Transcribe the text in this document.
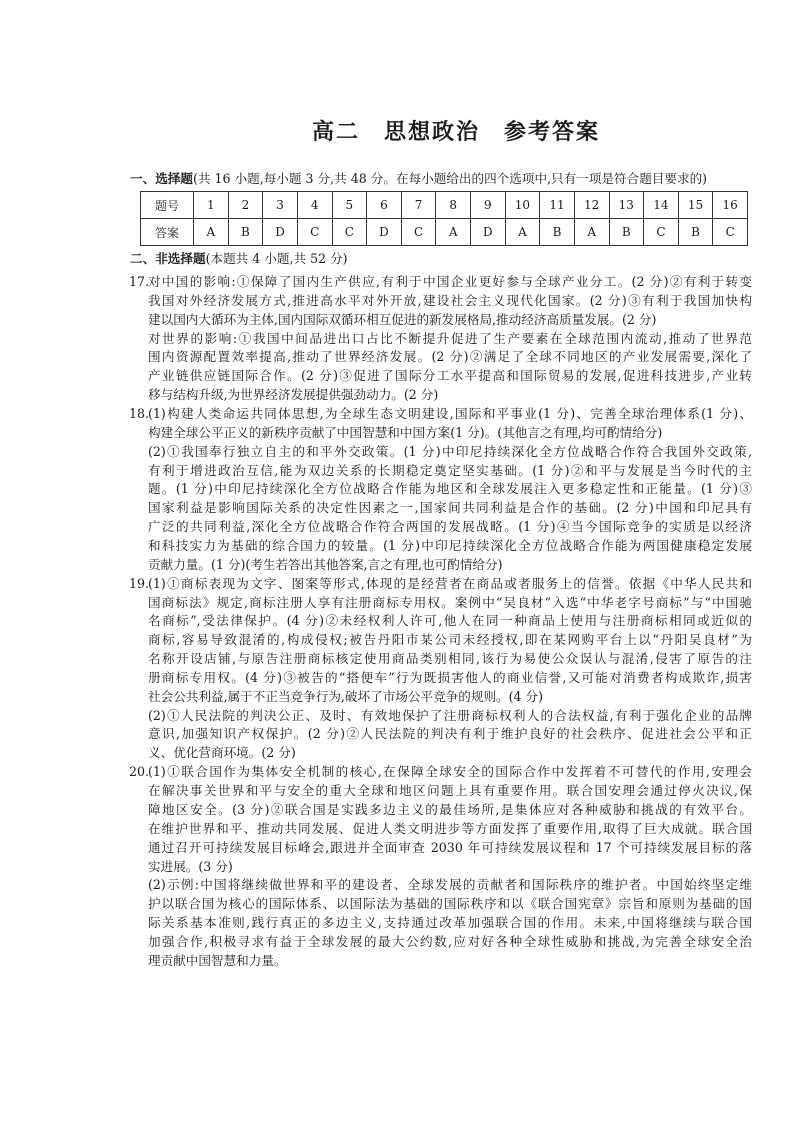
高二　思想政治　参考答案
一、选择题(共 16 小题,每小题 3 分,共 48 分。在每小题给出的四个选项中,只有一项是符合题目要求的)
题号	1	2	3	4	5	6	7	8	9	10	11	12	13	14	15	16
答案	A	B	D	C	C	D	C	A	D	A	B	A	B	C	B	C
二、非选择题(本题共 4 小题,共 52 分)
17.
对中国的影响:①保障了国内生产供应,有利于中国企业更好参与全球产业分工。(2 分)②有利于转变
我国对外经济发展方式,推进高水平对外开放,建设社会主义现代化国家。(2 分)③有利于我国加快构
建以国内大循环为主体,国内国际双循环相互促进的新发展格局,推动经济高质量发展。(2 分)
对世界的影响:①我国中间品进出口占比不断提升促进了生产要素在全球范围内流动,推动了世界范
围内资源配置效率提高,推动了世界经济发展。(2 分)②满足了全球不同地区的产业发展需要,深化了
产业链供应链国际合作。(2 分)③促进了国际分工水平提高和国际贸易的发展,促进科技进步,产业转
移与结构升级,为世界经济发展提供强劲动力。(2 分)
18.
(1)构建人类命运共同体思想,为全球生态文明建设,国际和平事业(1 分)、完善全球治理体系(1 分)、
构建全球公平正义的新秩序贡献了中国智慧和中国方案(1 分)。(其他言之有理,均可酌情给分)
(2)①我国奉行独立自主的和平外交政策。(1 分)中印尼持续深化全方位战略合作符合我国外交政策,
有利于增进政治互信,能为双边关系的长期稳定奠定坚实基础。(1 分)②和平与发展是当今时代的主
题。(1 分)中印尼持续深化全方位战略合作能为地区和全球发展注入更多稳定性和正能量。(1 分)③
国家利益是影响国际关系的决定性因素之一,国家间共同利益是合作的基础。(2 分)中国和印尼具有
广泛的共同利益,深化全方位战略合作符合两国的发展战略。(1 分)④当今国际竞争的实质是以经济
和科技实力为基础的综合国力的较量。(1 分)中印尼持续深化全方位战略合作能为两国健康稳定发展
贡献力量。(1 分)(考生若答出其他答案,言之有理,也可酌情给分)
19.
(1)①商标表现为文字、图案等形式,体现的是经营者在商品或者服务上的信誉。依据《中华人民共和
国商标法》规定,商标注册人享有注册商标专用权。案例中“吴良材”入选“中华老字号商标”与“中国驰
名商标”,受法律保护。(4 分)②未经权利人许可,他人在同一种商品上使用与注册商标相同或近似的
商标,容易导致混淆的,构成侵权;被告丹阳市某公司未经授权,即在某网购平台上以“丹阳吴良材”为
名称开设店铺,与原告注册商标核定使用商品类别相同,该行为易使公众误认与混淆,侵害了原告的注
册商标专用权。(4 分)③被告的“搭便车”行为既损害他人的商业信誉,又可能对消费者构成欺诈,损害
社会公共利益,属于不正当竞争行为,破坏了市场公平竞争的规则。(4 分)
(2)①人民法院的判决公正、及时、有效地保护了注册商标权利人的合法权益,有利于强化企业的品牌
意识,加强知识产权保护。(2 分)②人民法院的判决有利于维护良好的社会秩序、促进社会公平和正
义、优化营商环境。(2 分)
20.
(1)①联合国作为集体安全机制的核心,在保障全球安全的国际合作中发挥着不可替代的作用,安理会
在解决事关世界和平与安全的重大全球和地区问题上具有重要作用。联合国安理会通过停火决议,保
障地区安全。(3 分)②联合国是实践多边主义的最佳场所,是集体应对各种威胁和挑战的有效平台。
在维护世界和平、推动共同发展、促进人类文明进步等方面发挥了重要作用,取得了巨大成就。联合国
通过召开可持续发展目标峰会,跟进并全面审查 2030 年可持续发展议程和 17 个可持续发展目标的落
实进展。(3 分)
(2)示例:中国将继续做世界和平的建设者、全球发展的贡献者和国际秩序的维护者。中国始终坚定维
护以联合国为核心的国际体系、以国际法为基础的国际秩序和以《联合国宪章》宗旨和原则为基础的国
际关系基本准则,践行真正的多边主义,支持通过改革加强联合国的作用。未来,中国将继续与联合国
加强合作,积极寻求有益于全球发展的最大公约数,应对好各种全球性威胁和挑战,为完善全球安全治
理贡献中国智慧和力量。
